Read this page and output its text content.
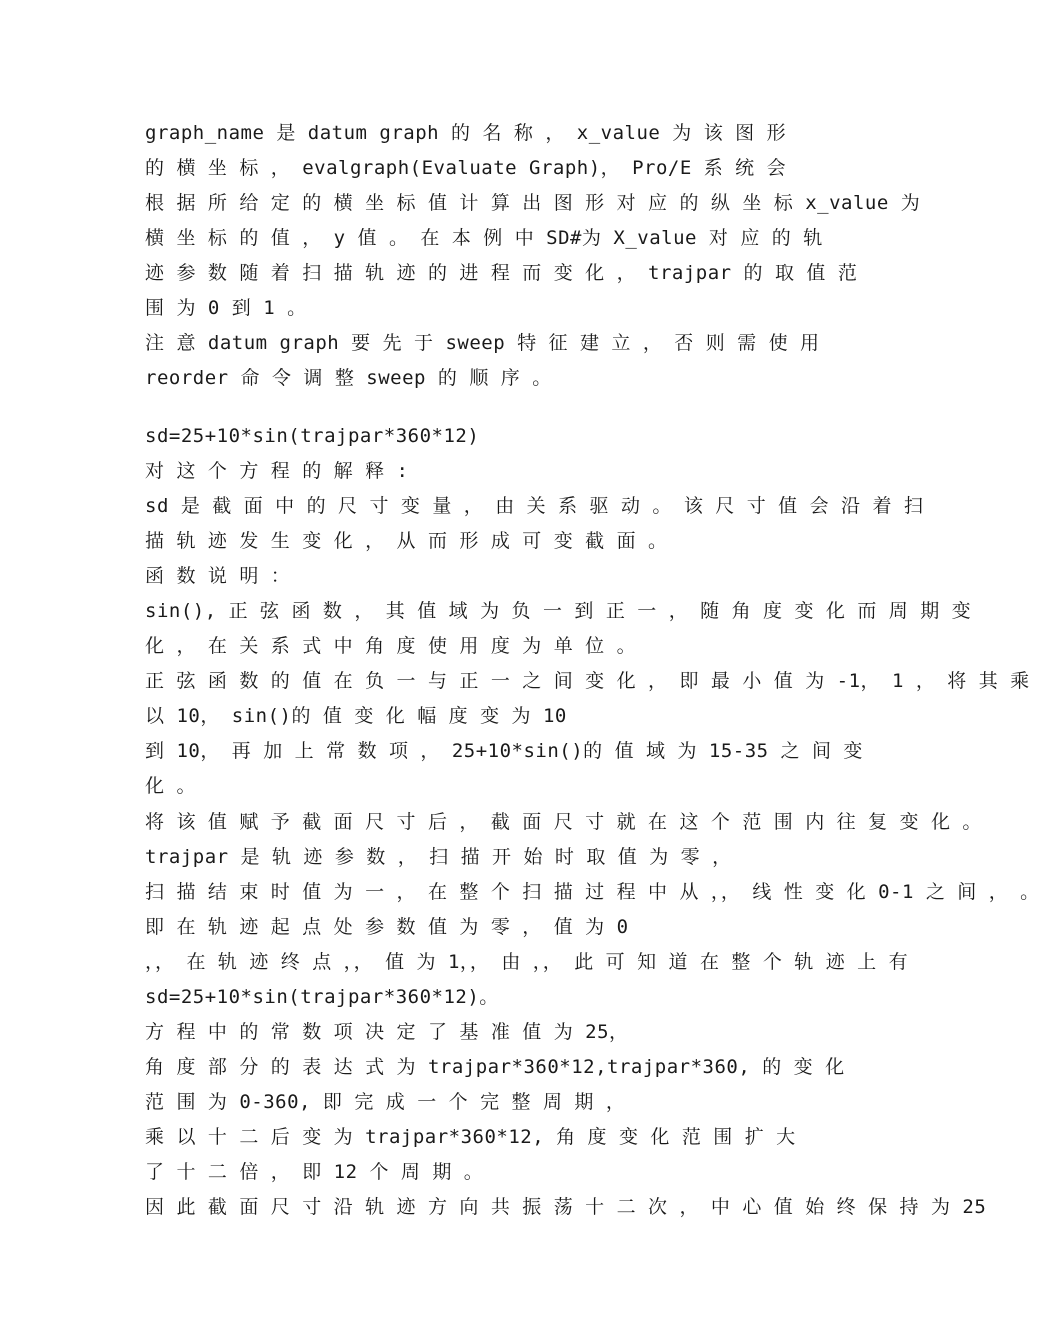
graph_name 是 datum graph 的 名 称 ， x_value 为 该 图 形
的 横 坐 标 ， evalgraph(Evaluate Graph)， Pro/E 系 统 会
根 据 所 给 定 的 横 坐 标 值 计 算 出 图 形 对 应 的 纵 坐 标 x_value 为
横 坐 标 的 值 ， y 值 。 在 本 例 中 SD#为 X_value 对 应 的 轨
迹 参 数 随 着 扫 描 轨 迹 的 进 程 而 变 化 ， trajpar 的 取 值 范
围 为 0 到 1 。
注 意 datum graph 要 先 于 sweep 特 征 建 立 ， 否 则 需 使 用
reorder 命 令 调 整 sweep 的 顺 序 。
sd=25+10*sin(trajpar*360*12)
对 这 个 方 程 的 解 释 :
sd 是 截 面 中 的 尺 寸 变 量 ， 由 关 系 驱 动 。 该 尺 寸 值 会 沿 着 扫
描 轨 迹 发 生 变 化 ， 从 而 形 成 可 变 截 面 。
函 数 说 明 ：
sin(), 正 弦 函 数 ， 其 值 域 为 负 一 到 正 一 ， 随 角 度 变 化 而 周 期 变
化 ， 在 关 系 式 中 角 度 使 用 度 为 单 位 。
正 弦 函 数 的 值 在 负 一 与 正 一 之 间 变 化 ， 即 最 小 值 为 -1， 1 ， 将 其 乘
以 10， sin()的 值 变 化 幅 度 变 为 10
到 10， 再 加 上 常 数 项 ， 25+10*sin()的 值 域 为 15-35 之 间 变
化 。
将 该 值 赋 予 截 面 尺 寸 后 ， 截 面 尺 寸 就 在 这 个 范 围 内 往 复 变 化 。
trajpar 是 轨 迹 参 数 ， 扫 描 开 始 时 取 值 为 零 ，
扫 描 结 束 时 值 为 一 ， 在 整 个 扫 描 过 程 中 从 ，， 线 性 变 化 0-1 之 间 ， 。
即 在 轨 迹 起 点 处 参 数 值 为 零 ， 值 为 0
，， 在 轨 迹 终 点 ，， 值 为 1，， 由 ，， 此 可 知 道 在 整 个 轨 迹 上 有
sd=25+10*sin(trajpar*360*12)。
方 程 中 的 常 数 项 决 定 了 基 准 值 为 25，
角 度 部 分 的 表 达 式 为 trajpar*360*12,trajpar*360, 的 变 化
范 围 为 0-360, 即 完 成 一 个 完 整 周 期 ，
乘 以 十 二 后 变 为 trajpar*360*12, 角 度 变 化 范 围 扩 大
了 十 二 倍 ， 即 12 个 周 期 。
因 此 截 面 尺 寸 沿 轨 迹 方 向 共 振 荡 十 二 次 ， 中 心 值 始 终 保 持 为 25
